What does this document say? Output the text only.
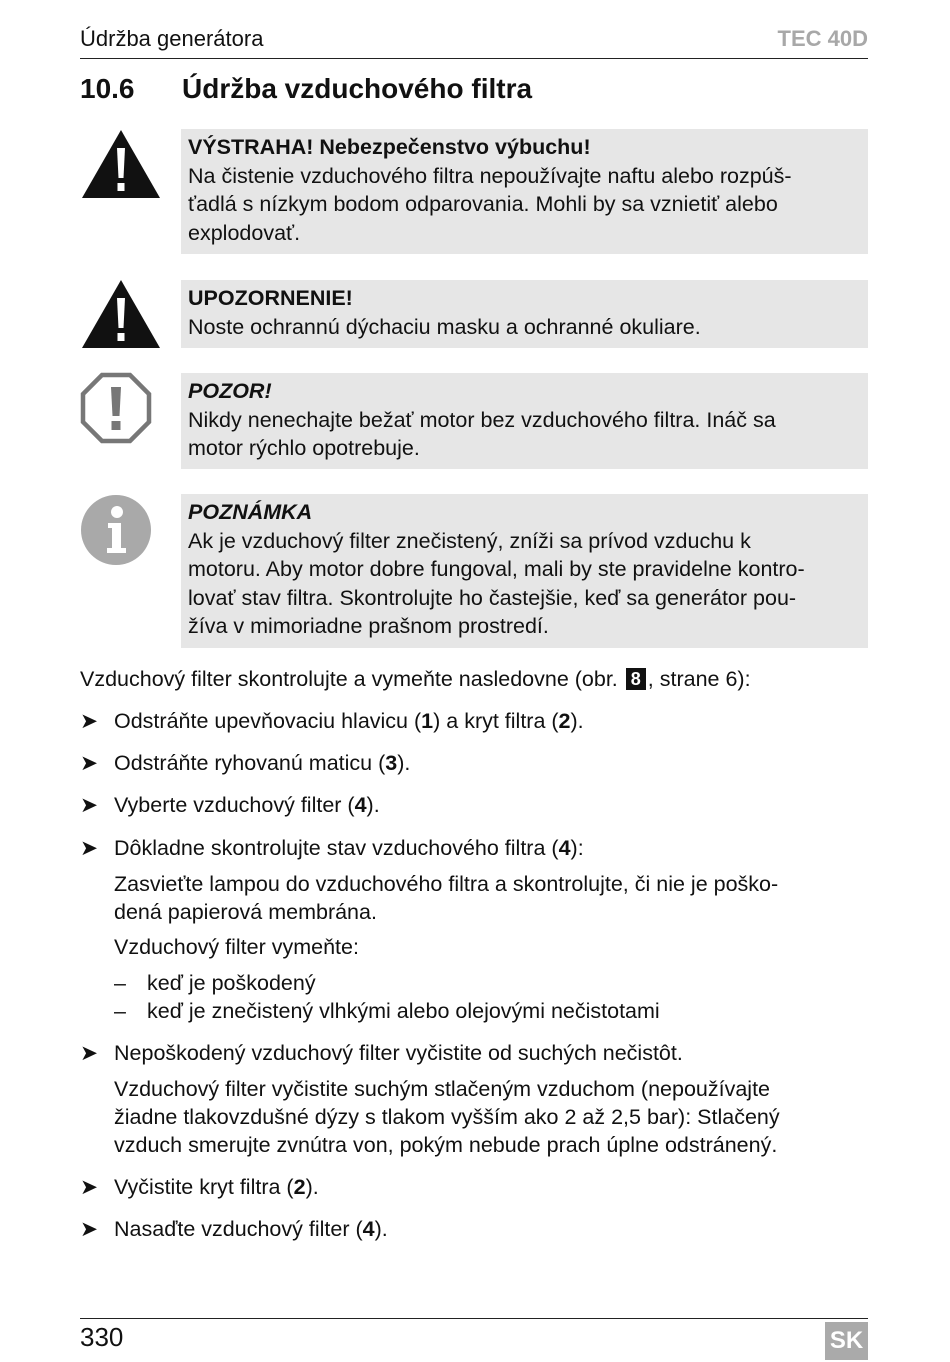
Údržba generátora	TEC 40D
10.6 Údržba vzduchového filtra
VÝSTRAHA! Nebezpečenstvo výbuchu!
Na čistenie vzduchového filtra nepoužívajte naftu alebo rozpúš-
ťadlá s nízkym bodom odparovania. Mohli by sa vznietiť alebo
explodovať.
UPOZORNENIE!
Noste ochrannú dýchaciu masku a ochranné okuliare.
POZOR!
Nikdy nenechajte bežať motor bez vzduchového filtra. Ináč sa
motor rýchlo opotrebuje.
POZNÁMKA
Ak je vzduchový filter znečistený, zníži sa prívod vzduchu k
motoru. Aby motor dobre fungoval, mali by ste pravidelne kontro-
lovať stav filtra. Skontrolujte ho častejšie, keď sa generátor pou-
žíva v mimoriadne prašnom prostredí.
Vzduchový filter skontrolujte a vymeňte nasledovne (obr. 8 , strane 6):
➤ Odstráňte upevňovaciu hlavicu (1) a kryt filtra (2).
➤ Odstráňte ryhovanú maticu (3).
➤ Vyberte vzduchový filter (4).
➤ Dôkladne skontrolujte stav vzduchového filtra (4):
Zasvieťte lampou do vzduchového filtra a skontrolujte, či nie je poško-
dená papierová membrána.
Vzduchový filter vymeňte:
– keď je poškodený
– keď je znečistený vlhkými alebo olejovými nečistotami
➤ Nepoškodený vzduchový filter vyčistite od suchých nečistôt.
Vzduchový filter vyčistite suchým stlačeným vzduchom (nepoužívajte
žiadne tlakovzdušné dýzy s tlakom vyšším ako 2 až 2,5 bar): Stlačený
vzduch smerujte zvnútra von, pokým nebude prach úplne odstránený.
➤ Vyčistite kryt filtra (2).
➤ Nasaďte vzduchový filter (4).
330	SK
